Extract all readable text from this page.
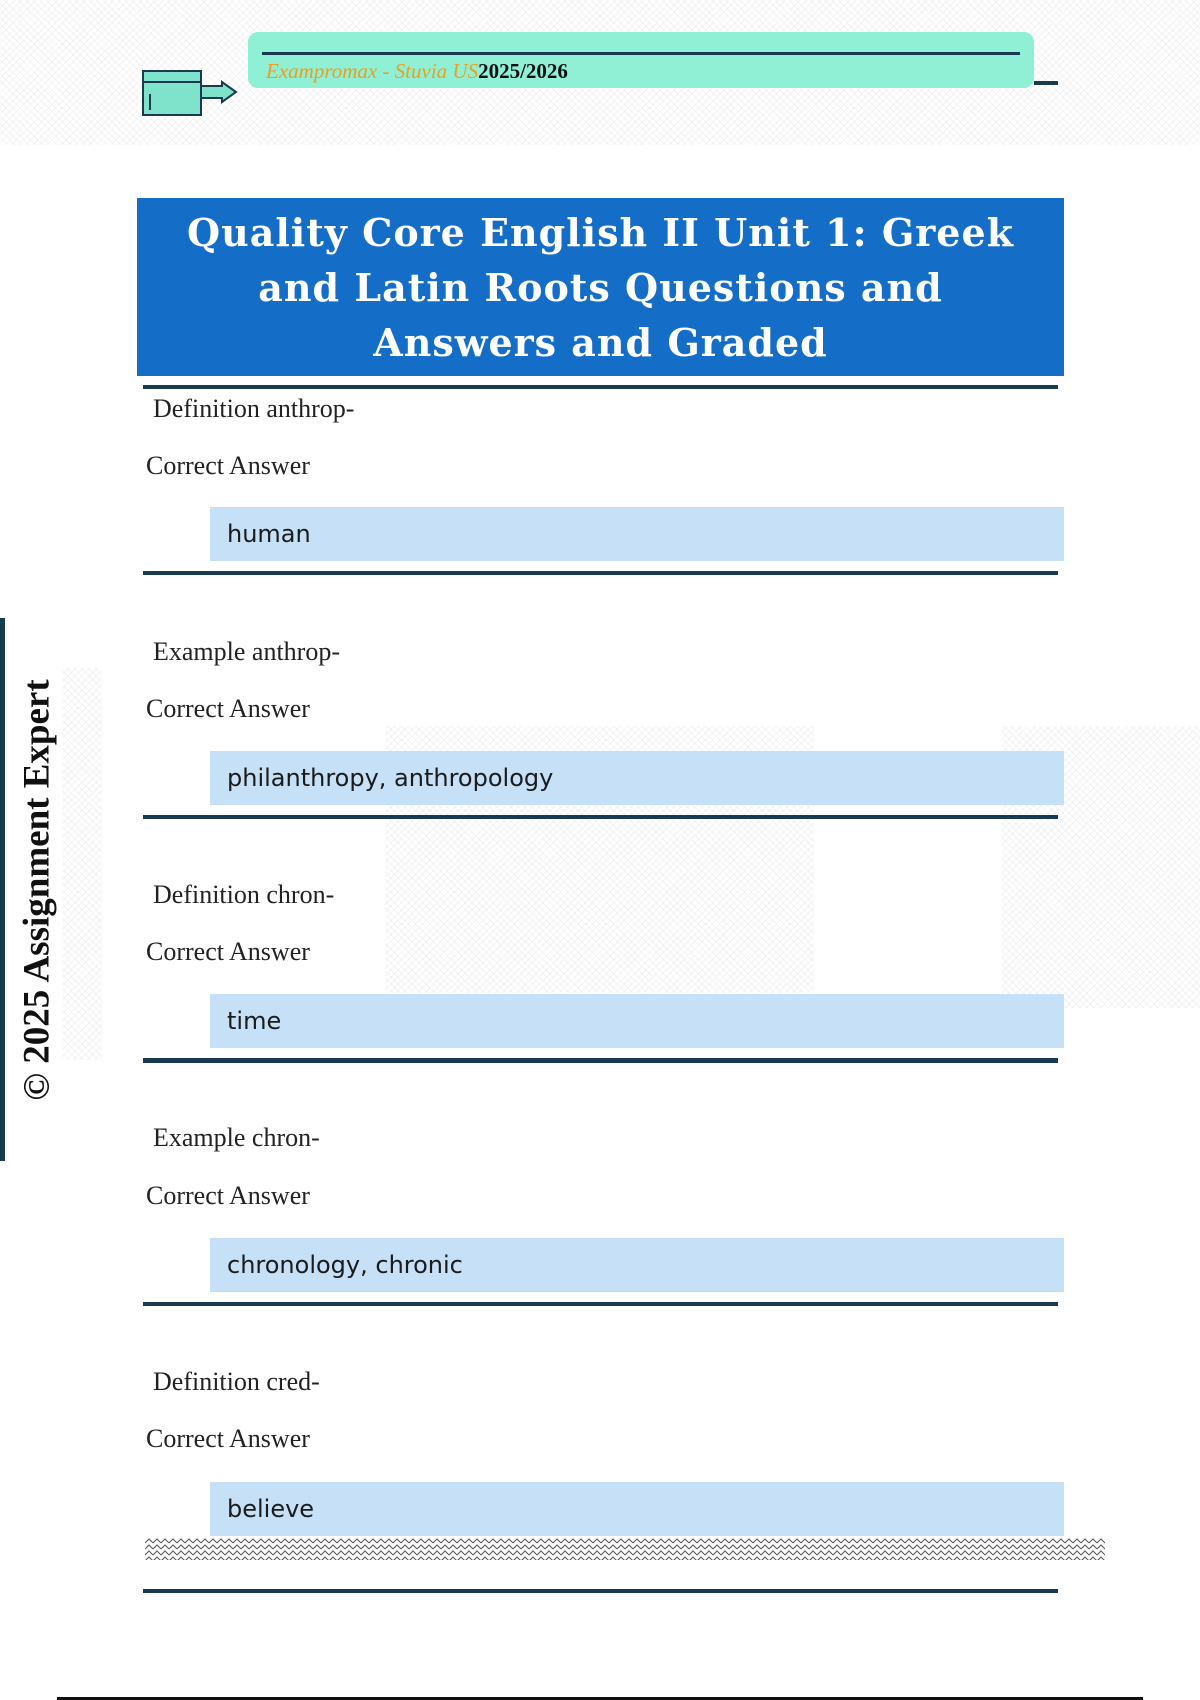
Exampromax - Stuvia US2025/2026
Quality Core English II Unit 1: Greek and Latin Roots Questions and Answers and Graded
Definition anthrop-
Correct Answer
human
Example anthrop-
Correct Answer
philanthropy, anthropology
Definition chron-
Correct Answer
time
Example chron-
Correct Answer
chronology, chronic
Definition cred-
Correct Answer
believe
© 2025 Assignment Expert
